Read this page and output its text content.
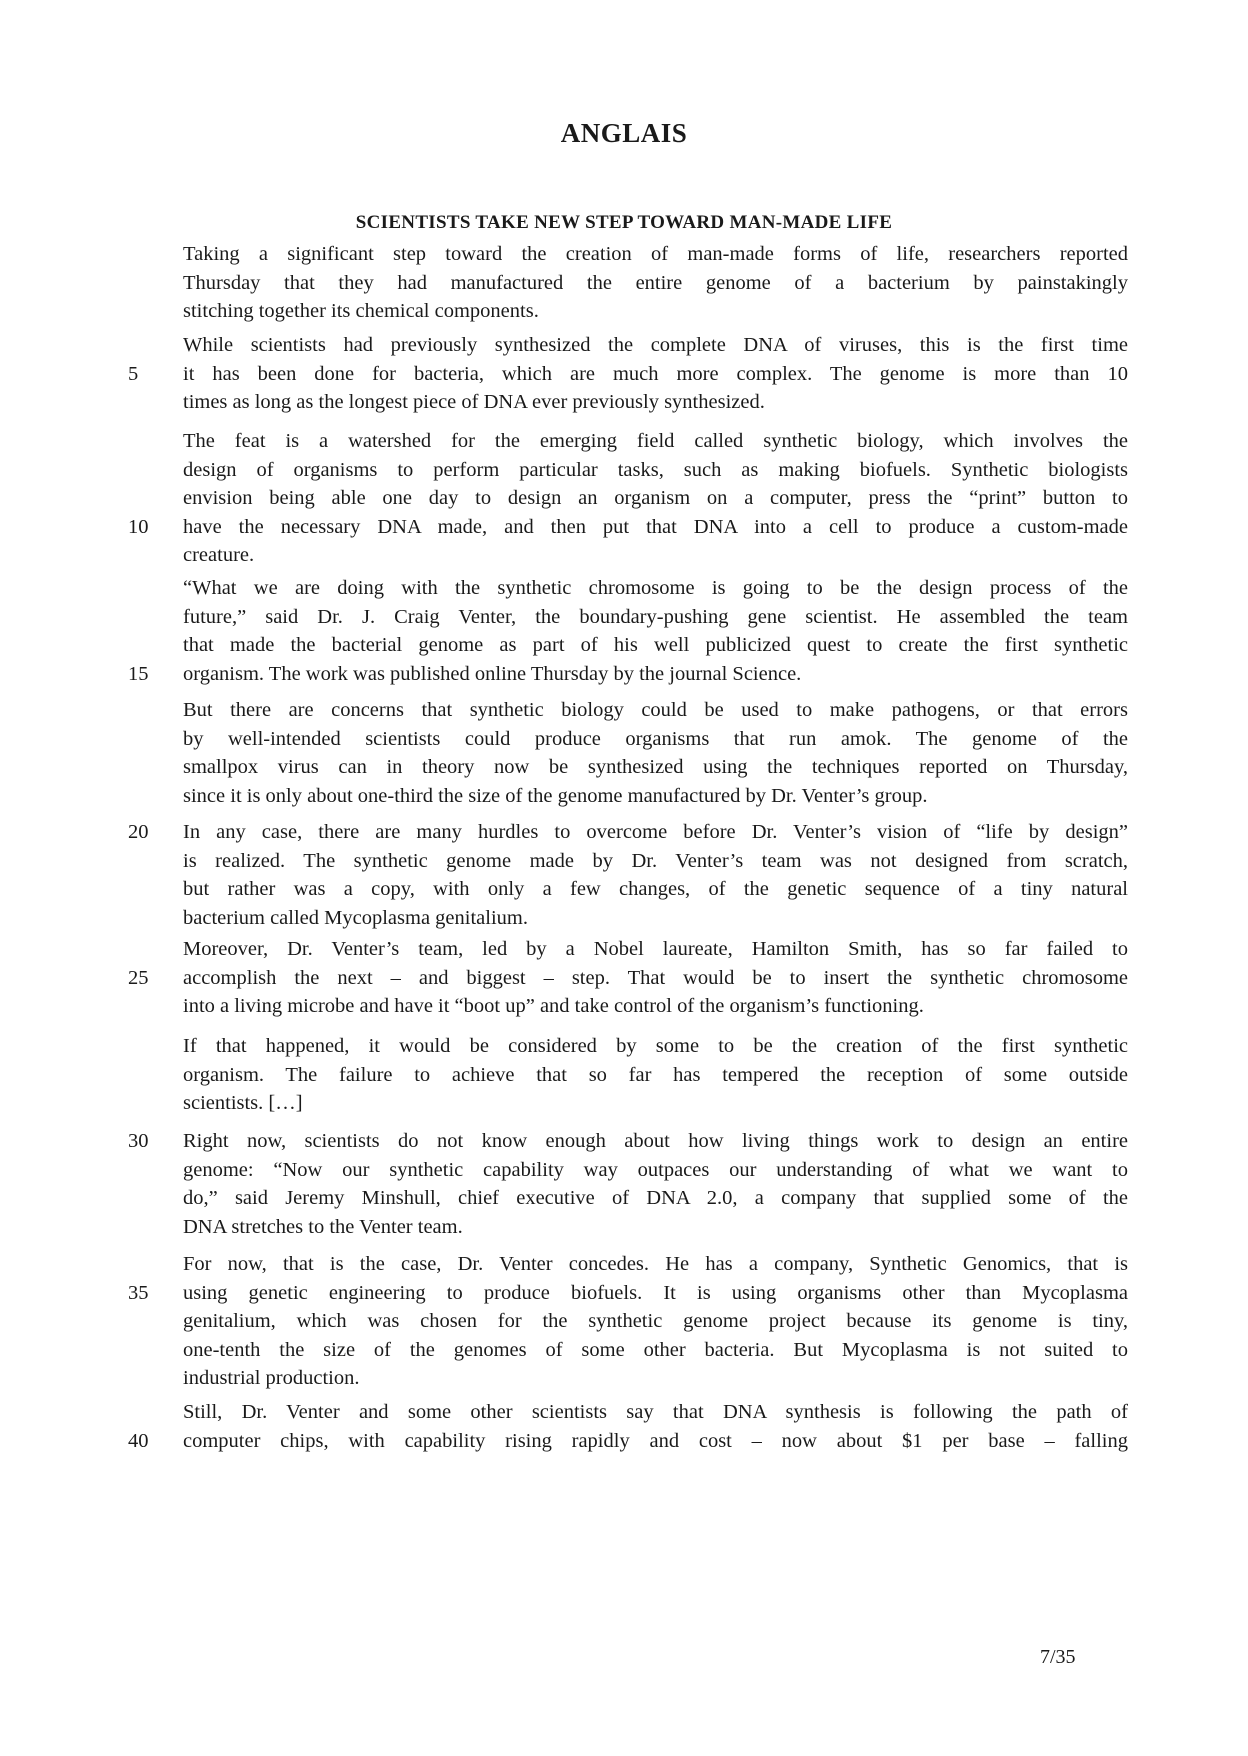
ANGLAIS
SCIENTISTS TAKE NEW STEP TOWARD MAN-MADE LIFE
Taking a significant step toward the creation of man-made forms of life, researchers reported
Thursday that they had manufactured the entire genome of a bacterium by painstakingly
stitching together its chemical components.
While scientists had previously synthesized the complete DNA of viruses, this is the first time
5	it has been done for bacteria, which are much more complex. The genome is more than 10
times as long as the longest piece of DNA ever previously synthesized.
The feat is a watershed for the emerging field called synthetic biology, which involves the
design of organisms to perform particular tasks, such as making biofuels. Synthetic biologists
envision being able one day to design an organism on a computer, press the “print” button to
10	have the necessary DNA made, and then put that DNA into a cell to produce a custom-made
creature.
“What we are doing with the synthetic chromosome is going to be the design process of the
future,” said Dr. J. Craig Venter, the boundary-pushing gene scientist. He assembled the team
that made the bacterial genome as part of his well publicized quest to create the first synthetic
15	organism. The work was published online Thursday by the journal Science.
But there are concerns that synthetic biology could be used to make pathogens, or that errors
by well-intended scientists could produce organisms that run amok. The genome of the
smallpox virus can in theory now be synthesized using the techniques reported on Thursday,
since it is only about one-third the size of the genome manufactured by Dr. Venter’s group.
20	In any case, there are many hurdles to overcome before Dr. Venter’s vision of “life by design”
is realized. The synthetic genome made by Dr. Venter’s team was not designed from scratch,
but rather was a copy, with only a few changes, of the genetic sequence of a tiny natural
bacterium called Mycoplasma genitalium.
Moreover, Dr. Venter’s team, led by a Nobel laureate, Hamilton Smith, has so far failed to
25	accomplish the next – and biggest – step. That would be to insert the synthetic chromosome
into a living microbe and have it “boot up” and take control of the organism’s functioning.
If that happened, it would be considered by some to be the creation of the first synthetic
organism. The failure to achieve that so far has tempered the reception of some outside
scientists. […]
30	Right now, scientists do not know enough about how living things work to design an entire
genome: “Now our synthetic capability way outpaces our understanding of what we want to
do,” said Jeremy Minshull, chief executive of DNA 2.0, a company that supplied some of the
DNA stretches to the Venter team.
For now, that is the case, Dr. Venter concedes. He has a company, Synthetic Genomics, that is
35	using genetic engineering to produce biofuels. It is using organisms other than Mycoplasma
genitalium, which was chosen for the synthetic genome project because its genome is tiny,
one-tenth the size of the genomes of some other bacteria. But Mycoplasma is not suited to
industrial production.
Still, Dr. Venter and some other scientists say that DNA synthesis is following the path of
40	computer chips, with capability rising rapidly and cost – now about $1 per base – falling
7/35
